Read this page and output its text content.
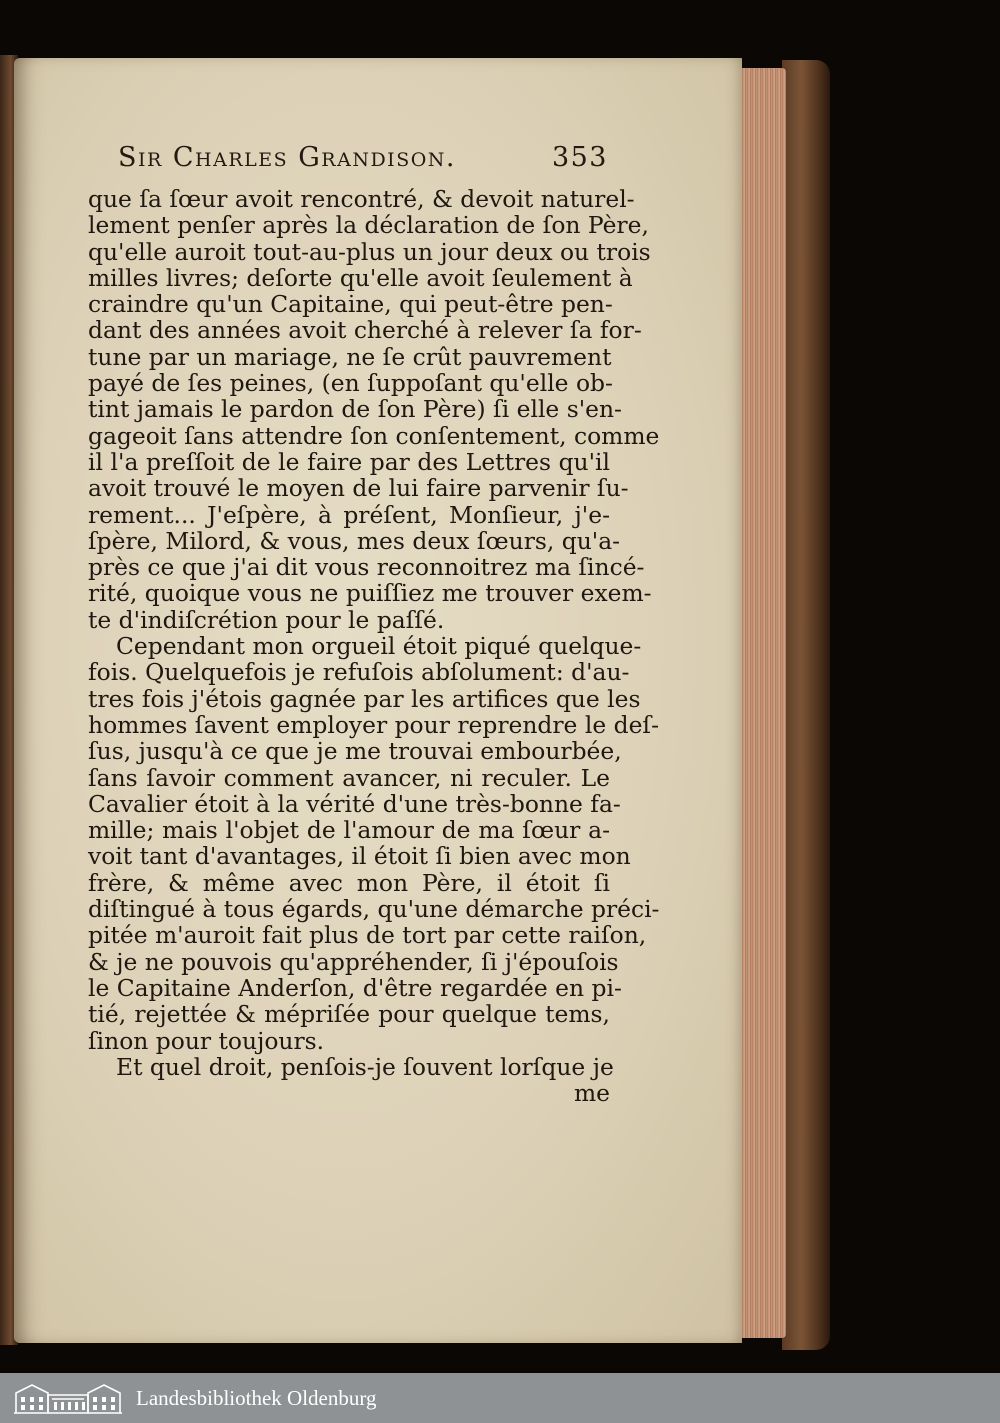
Sir Charles Grandison.	353
que ſa ſœur avoit rencontré, & devoit naturel-
lement penſer après la déclaration de ſon Père,
qu'elle auroit tout-au-plus un jour deux ou trois
milles livres; deſorte qu'elle avoit ſeulement à
craindre qu'un Capitaine, qui peut-être pen-
dant des années avoit cherché à relever ſa for-
tune par un mariage, ne ſe crût pauvrement
payé de ſes peines, (en ſuppoſant qu'elle ob-
tint jamais le pardon de ſon Père) ſi elle s'en-
gageoit ſans attendre ſon conſentement, comme
il l'a preſſoit de le faire par des Lettres qu'il
avoit trouvé le moyen de lui faire parvenir ſu-
rement... J'eſpère, à préſent, Monſieur, j'e-
ſpère, Milord, & vous, mes deux ſœurs, qu'a-
près ce que j'ai dit vous reconnoitrez ma ſincé-
rité, quoique vous ne puiſſiez me trouver exem-
te d'indiſcrétion pour le paſſé.
Cependant mon orgueil étoit piqué quelque-
fois. Quelquefois je refuſois abſolument: d'au-
tres fois j'étois gagnée par les artifices que les
hommes ſavent employer pour reprendre le deſ-
ſus, jusqu'à ce que je me trouvai embourbée,
ſans ſavoir comment avancer, ni reculer. Le
Cavalier étoit à la vérité d'une très-bonne fa-
mille; mais l'objet de l'amour de ma ſœur a-
voit tant d'avantages, il étoit ſi bien avec mon
frère, & même avec mon Père, il étoit ſi
diſtingué à tous égards, qu'une démarche préci-
pitée m'auroit fait plus de tort par cette raiſon,
& je ne pouvois qu'appréhender, ſi j'épouſois
le Capitaine Anderſon, d'être regardée en pi-
tié, rejettée & mépriſée pour quelque tems,
ſinon pour toujours.
Et quel droit, penſois-je ſouvent lorſque je
me
Landesbibliothek Oldenburg
